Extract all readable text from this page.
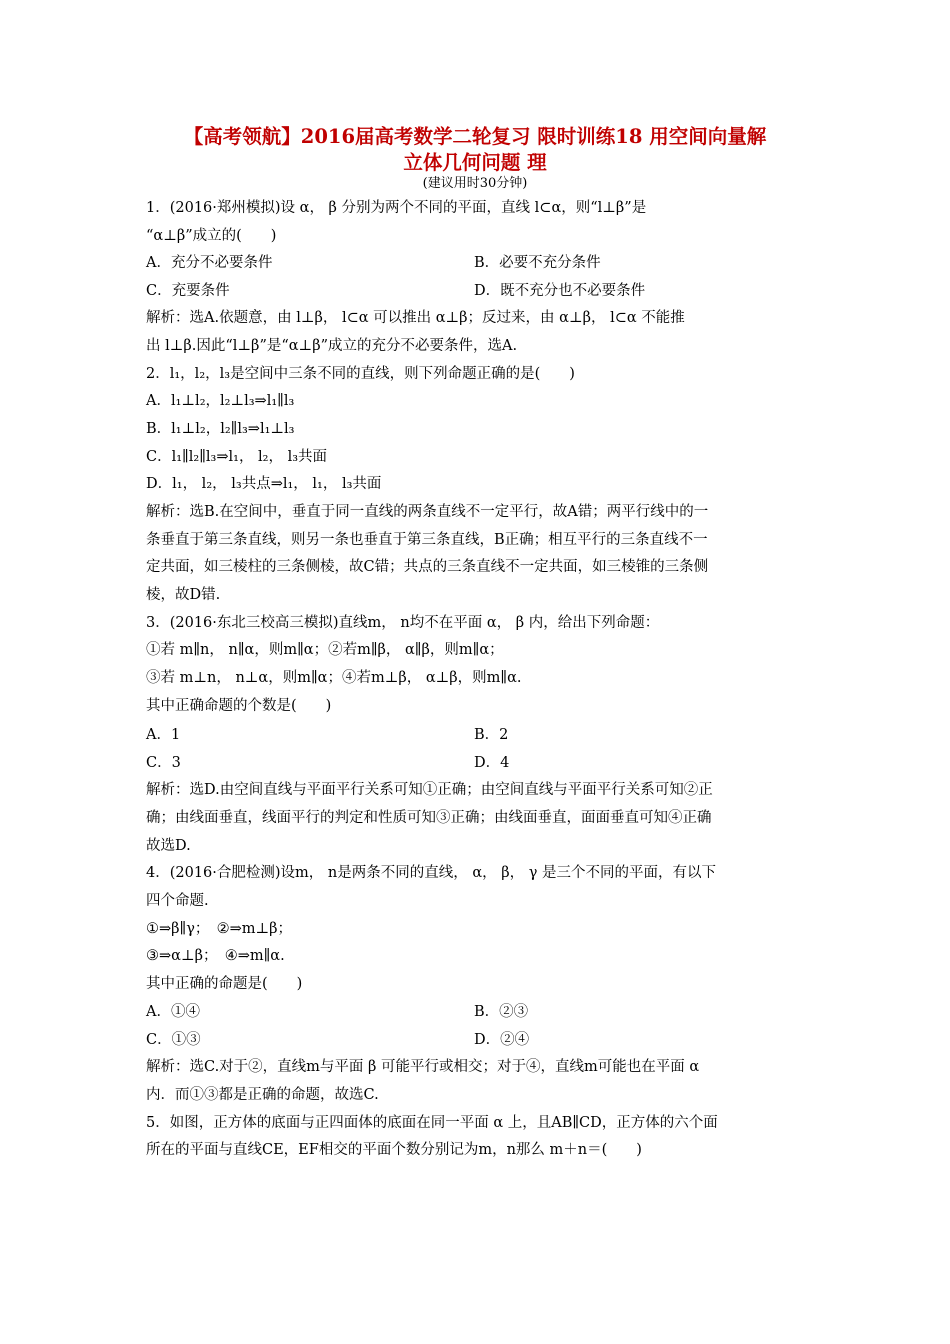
【高考领航】2016届高考数学二轮复习 限时训练18 用空间向量解
立体几何问题 理
(建议用时30分钟)
1．(2016·郑州模拟)设 α， β 分别为两个不同的平面，直线 l⊂α，则“l⊥β”是
“α⊥β”成立的(　　)
A．充分不必要条件	B．必要不充分条件
C．充要条件	D．既不充分也不必要条件
解析：选A.依题意，由 l⊥β， l⊂α 可以推出 α⊥β；反过来，由 α⊥β， l⊂α 不能推
出 l⊥β.因此“l⊥β”是“α⊥β”成立的充分不必要条件，选A.
2．l₁，l₂，l₃是空间中三条不同的直线，则下列命题正确的是(　　)
A．l₁⊥l₂，l₂⊥l₃⇒l₁∥l₃
B．l₁⊥l₂，l₂∥l₃⇒l₁⊥l₃
C．l₁∥l₂∥l₃⇒l₁， l₂， l₃共面
D．l₁， l₂， l₃共点⇒l₁， l₁， l₃共面
解析：选B.在空间中，垂直于同一直线的两条直线不一定平行，故A错；两平行线中的一
条垂直于第三条直线，则另一条也垂直于第三条直线，B正确；相互平行的三条直线不一
定共面，如三棱柱的三条侧棱，故C错；共点的三条直线不一定共面，如三棱锥的三条侧
棱，故D错.
3．(2016·东北三校高三模拟)直线m， n均不在平面 α， β 内，给出下列命题：
①若 m∥n， n∥α，则m∥α；②若m∥β， α∥β，则m∥α；
③若 m⊥n， n⊥α，则m∥α；④若m⊥β， α⊥β，则m∥α.
其中正确命题的个数是(　　)
A．1	B．2
C．3	D．4
解析：选D.由空间直线与平面平行关系可知①正确；由空间直线与平面平行关系可知②正
确；由线面垂直，线面平行的判定和性质可知③正确；由线面垂直，面面垂直可知④正确
故选D.
4．(2016·合肥检测)设m， n是两条不同的直线， α， β， γ 是三个不同的平面，有以下
四个命题.
①⇒β∥γ；　②⇒m⊥β；
③⇒α⊥β；　④⇒m∥α.
其中正确的命题是(　　)
A．①④	B．②③
C．①③	D．②④
解析：选C.对于②，直线m与平面 β 可能平行或相交；对于④，直线m可能也在平面 α
内．而①③都是正确的命题，故选C.
5．如图，正方体的底面与正四面体的底面在同一平面 α 上，且AB∥CD，正方体的六个面
所在的平面与直线CE，EF相交的平面个数分别记为m，n那么 m＋n＝(　　)
